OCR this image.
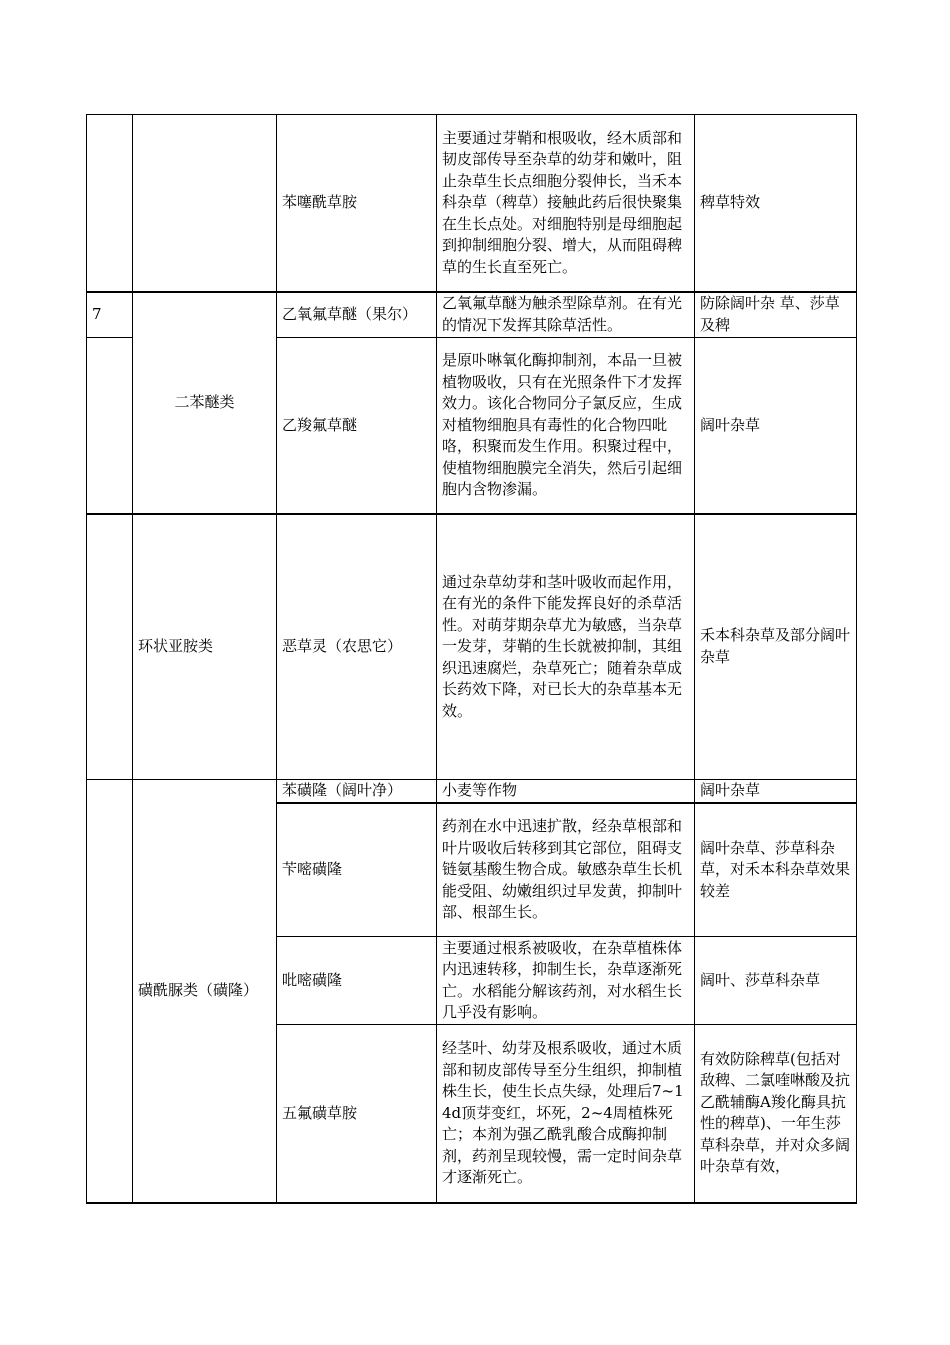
		苯噻酰草胺	主要通过芽鞘和根吸收，经木质部和韧皮部传导至杂草的幼芽和嫩叶，阻止杂草生长点细胞分裂伸长，当禾本科杂草（稗草）接触此药后很快聚集在生长点处。对细胞特别是母细胞起到抑制细胞分裂、增大，从而阻碍稗草的生长直至死亡。	稗草特效
7	二苯醚类	乙氧氟草醚（果尔）	乙氧氟草醚为触杀型除草剂。在有光的情况下发挥其除草活性。	防除阔叶杂 草、莎草及稗
		乙羧氟草醚	是原卟啉氧化酶抑制剂，本品一旦被植物吸收，只有在光照条件下才发挥效力。该化合物同分子氯反应，生成对植物细胞具有毒性的化合物四吡咯，积聚而发生作用。积聚过程中，使植物细胞膜完全消失，然后引起细胞内含物渗漏。	阔叶杂草
	环状亚胺类	恶草灵（农思它）	通过杂草幼芽和茎叶吸收而起作用，在有光的条件下能发挥良好的杀草活性。对萌芽期杂草尤为敏感，当杂草一发芽，芽鞘的生长就被抑制，其组织迅速腐烂，杂草死亡；随着杂草成长药效下降，对已长大的杂草基本无效。	禾本科杂草及部分阔叶杂草
	磺酰脲类（磺隆）	苯磺隆（阔叶净）	小麦等作物	阔叶杂草
		苄嘧磺隆	药剂在水中迅速扩散，经杂草根部和叶片吸收后转移到其它部位，阻碍支链氨基酸生物合成。敏感杂草生长机能受阻、幼嫩组织过早发黄，抑制叶部、根部生长。	阔叶杂草、莎草科杂草，对禾本科杂草效果较差
		吡嘧磺隆	主要通过根系被吸收，在杂草植株体内迅速转移，抑制生长，杂草逐渐死亡。水稻能分解该药剂，对水稻生长几乎没有影响。	阔叶、莎草科杂草
		五氟磺草胺	经茎叶、幼芽及根系吸收，通过木质部和韧皮部传导至分生组织，抑制植株生长，使生长点失绿，处理后7~14d顶芽变红，坏死，2~4周植株死亡；本剂为强乙酰乳酸合成酶抑制剂，药剂呈现较慢，需一定时间杂草才逐渐死亡。	有效防除稗草(包括对敌稗、二氯喹啉酸及抗乙酰辅酶A羧化酶具抗性的稗草)、一年生莎草科杂草，并对众多阔叶杂草有效，
